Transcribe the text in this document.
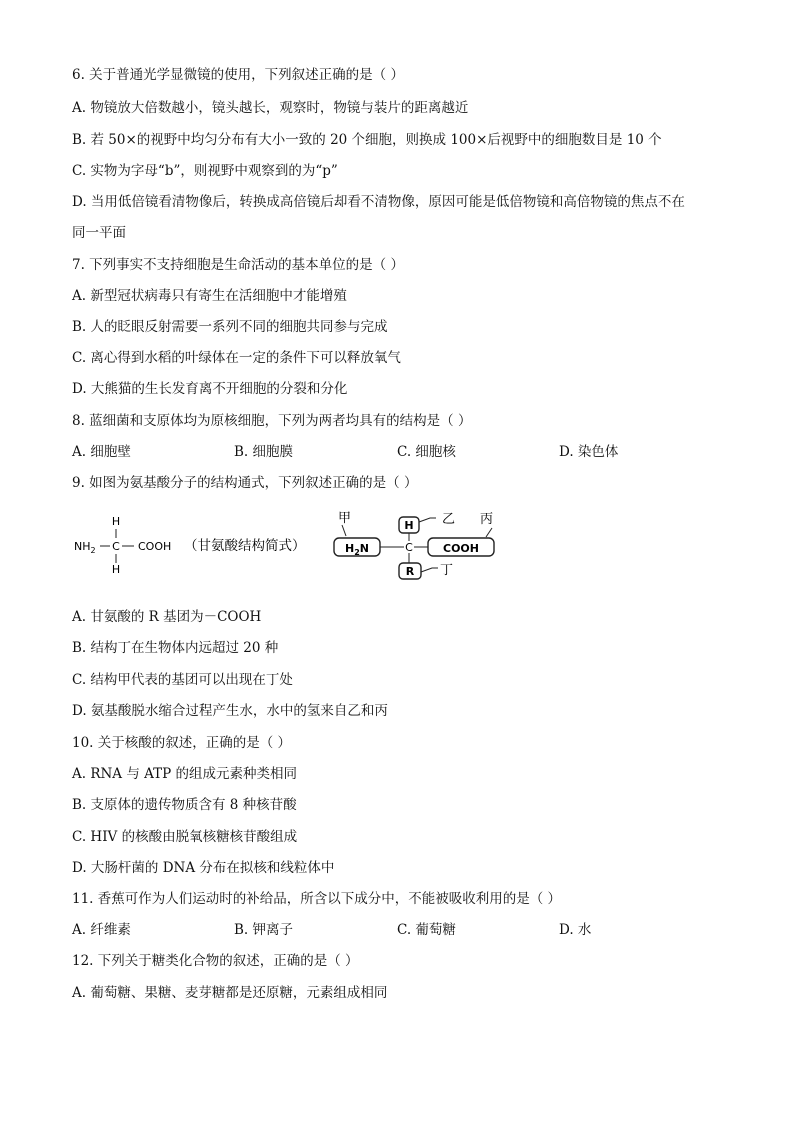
6. 关于普通光学显微镜的使用，下列叙述正确的是（ ）
A. 物镜放大倍数越小，镜头越长，观察时，物镜与装片的距离越近
B. 若 50×的视野中均匀分布有大小一致的 20 个细胞，则换成 100×后视野中的细胞数目是 10 个
C. 实物为字母“b”，则视野中观察到的为“p”
D. 当用低倍镜看清物像后，转换成高倍镜后却看不清物像，原因可能是低倍物镜和高倍物镜的焦点不在
同一平面
7. 下列事实不支持细胞是生命活动的基本单位的是（ ）
A. 新型冠状病毒只有寄生在活细胞中才能增殖
B. 人的眨眼反射需要一系列不同的细胞共同参与完成
C. 离心得到水稻的叶绿体在一定的条件下可以释放氧气
D. 大熊猫的生长发育离不开细胞的分裂和分化
8. 蓝细菌和支原体均为原核细胞，下列为两者均具有的结构是（ ）
A. 细胞壁	B. 细胞膜	C. 细胞核	D. 染色体
9. 如图为氨基酸分子的结构通式，下列叙述正确的是（ ）
H
$NH_2$ C COOH
H
（甘氨酸结构简式）
甲
$H_2N$	C
H 乙
COOH
丙
R 丁
A. 甘氨酸的 R 基团为－COOH
B. 结构丁在生物体内远超过 20 种
C. 结构甲代表的基团可以出现在丁处
D. 氨基酸脱水缩合过程产生水，水中的氢来自乙和丙
10. 关于核酸的叙述，正确的是（ ）
A. RNA 与 ATP 的组成元素种类相同
B. 支原体的遗传物质含有 8 种核苷酸
C. HIV 的核酸由脱氧核糖核苷酸组成
D. 大肠杆菌的 DNA 分布在拟核和线粒体中
11. 香蕉可作为人们运动时的补给品，所含以下成分中，不能被吸收利用的是（ ）
A. 纤维素	B. 钾离子	C. 葡萄糖	D. 水
12. 下列关于糖类化合物的叙述，正确的是（ ）
A. 葡萄糖、果糖、麦芽糖都是还原糖，元素组成相同
